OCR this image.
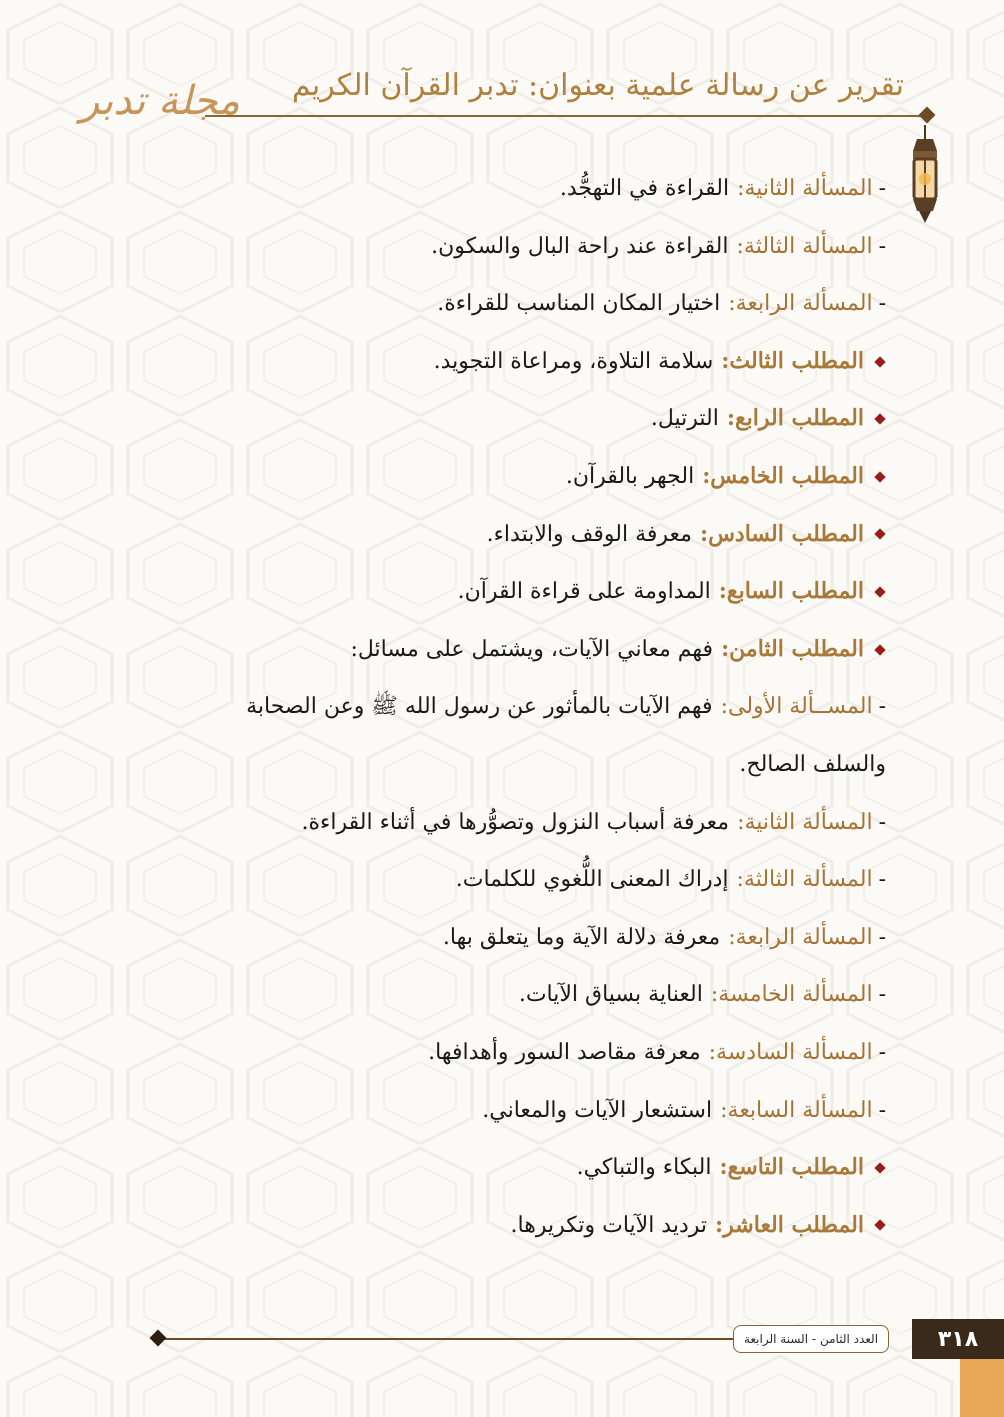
تقرير عن رسالة علمية بعنوان: تدبر القرآن الكريم
مجلة تدبر
-
المسألة الثانية:
القراءة في التهجُّد.
-
المسألة الثالثة:
القراءة عند راحة البال والسكون.
-
المسألة الرابعة:
اختيار المكان المناسب للقراءة.
المطلب الثالث:
سلامة التلاوة، ومراعاة التجويد.
المطلب الرابع:
الترتيل.
المطلب الخامس:
الجهر بالقرآن.
المطلب السادس:
معرفة الوقف والابتداء.
المطلب السابع:
المداومة على قراءة القرآن.
المطلب الثامن:
فهم معاني الآيات، ويشتمل على مسائل:
-
المســألة الأولى:
فهم الآيات بالمأثور عن رسول الله ﷺ وعن الصحابة
والسلف الصالح.
-
المسألة الثانية:
معرفة أسباب النزول وتصوُّرها في أثناء القراءة.
-
المسألة الثالثة:
إدراك المعنى اللُّغوي للكلمات.
-
المسألة الرابعة:
معرفة دلالة الآية وما يتعلق بها.
-
المسألة الخامسة:
العناية بسياق الآيات.
-
المسألة السادسة:
معرفة مقاصد السور وأهدافها.
-
المسألة السابعة:
استشعار الآيات والمعاني.
المطلب التاسع:
البكاء والتباكي.
المطلب العاشر:
ترديد الآيات وتكريرها.
العدد الثامن - السنة الرابعة	٣١٨
